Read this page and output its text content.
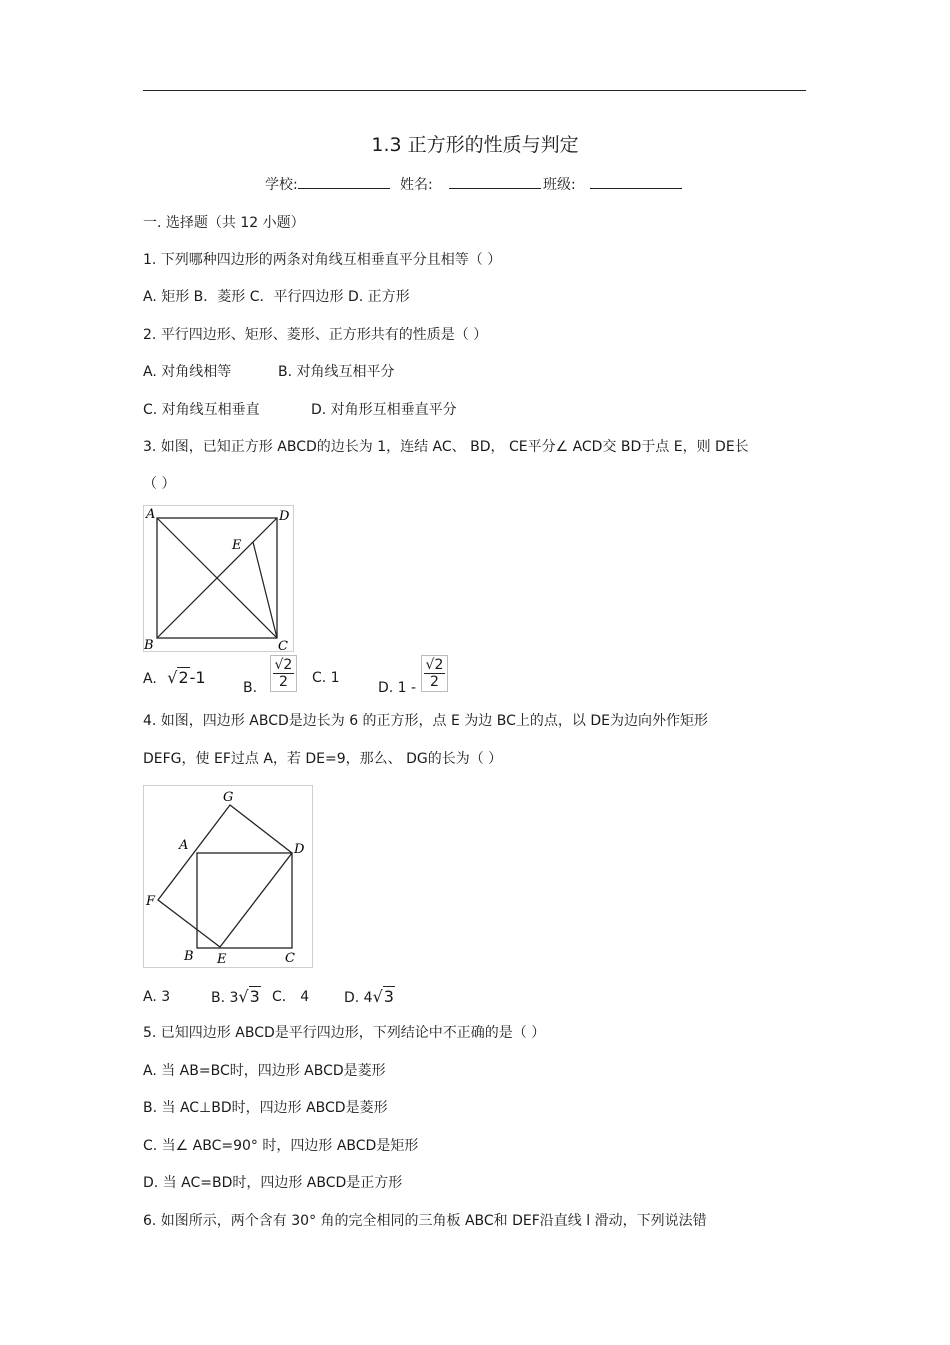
1.3 正方形的性质与判定
学校:	姓名:	班级:
一. 选择题（共 12 小题）
1. 下列哪种四边形的两条对角线互相垂直平分且相等（ ）
A. 矩形 B．菱形 C．平行四边形 D. 正方形
2. 平行四边形、矩形、菱形、正方形共有的性质是（ ）
A. 对角线相等	B. 对角线互相平分
C. 对角线互相垂直	D. 对角形互相垂直平分
3. 如图，已知正方形 ABCD的边长为 1，连结 AC、 BD， CE平分∠ ACD交 BD于点 E，则 DE长
（ ）
A	D
E
B	C
A. √2-1
B. $\frac{√2}{2} C$. 1
D. $1 - \frac{√2}{2}$
4. 如图，四边形 ABCD是边长为 6 的正方形，点 E 为边 BC上的点，以 DE为边向外作矩形
DEFG，使 EF过点 A，若 DE=9，那么、 DG的长为（ ）
G
A	D
F
B E	C
A. 3	B. 3√3 C． 4 D. 4√3
5. 已知四边形 ABCD是平行四边形，下列结论中不正确的是（ ）
A. 当 AB=BC时，四边形 ABCD是菱形
B. 当 AC⊥BD时，四边形 ABCD是菱形
C. 当∠ ABC=90° 时，四边形 ABCD是矩形
D. 当 AC=BD时，四边形 ABCD是正方形
6. 如图所示，两个含有 30° 角的完全相同的三角板 ABC和 DEF沿直线 l 滑动，下列说法错
